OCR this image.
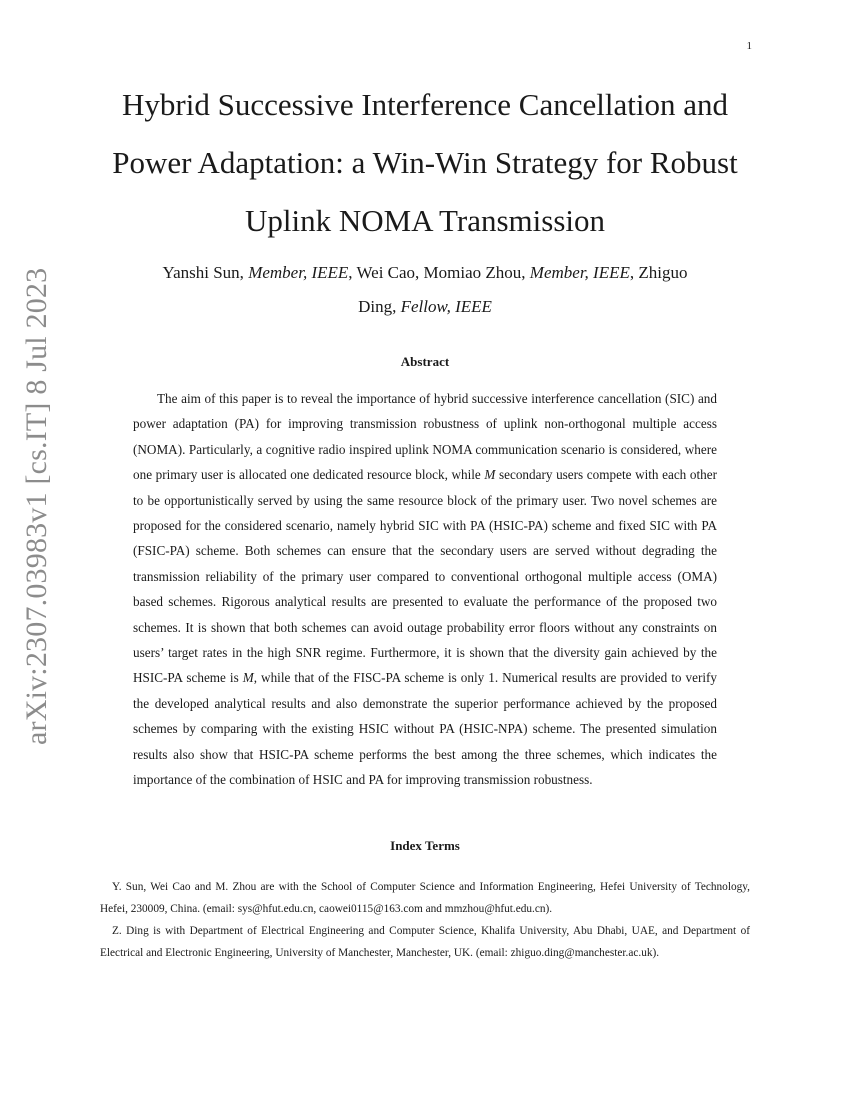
1
arXiv:2307.03983v1 [cs.IT] 8 Jul 2023
Hybrid Successive Interference Cancellation and Power Adaptation: a Win-Win Strategy for Robust Uplink NOMA Transmission
Yanshi Sun, Member, IEEE, Wei Cao, Momiao Zhou, Member, IEEE, Zhiguo
Ding, Fellow, IEEE
Abstract

The aim of this paper is to reveal the importance of hybrid successive interference cancellation (SIC) and power adaptation (PA) for improving transmission robustness of uplink non-orthogonal multiple access (NOMA). Particularly, a cognitive radio inspired uplink NOMA communication scenario is considered, where one primary user is allocated one dedicated resource block, while M secondary users compete with each other to be opportunistically served by using the same resource block of the primary user. Two novel schemes are proposed for the considered scenario, namely hybrid SIC with PA (HSIC-PA) scheme and fixed SIC with PA (FSIC-PA) scheme. Both schemes can ensure that the secondary users are served without degrading the transmission reliability of the primary user compared to conventional orthogonal multiple access (OMA) based schemes. Rigorous analytical results are presented to evaluate the performance of the proposed two schemes. It is shown that both schemes can avoid outage probability error floors without any constraints on users’ target rates in the high SNR regime. Furthermore, it is shown that the diversity gain achieved by the HSIC-PA scheme is M, while that of the FISC-PA scheme is only 1. Numerical results are provided to verify the developed analytical results and also demonstrate the superior performance achieved by the proposed schemes by comparing with the existing HSIC without PA (HSIC-NPA) scheme. The presented simulation results also show that HSIC-PA scheme performs the best among the three schemes, which indicates the importance of the combination of HSIC and PA for improving transmission robustness.

Index Terms

Y. Sun, Wei Cao and M. Zhou are with the School of Computer Science and Information Engineering, Hefei University of Technology, Hefei, 230009, China. (email: sys@hfut.edu.cn, caowei0115@163.com and mmzhou@hfut.edu.cn).

Z. Ding is with Department of Electrical Engineering and Computer Science, Khalifa University, Abu Dhabi, UAE, and Department of Electrical and Electronic Engineering, University of Manchester, Manchester, UK. (email: zhiguo.ding@manchester.ac.uk).
